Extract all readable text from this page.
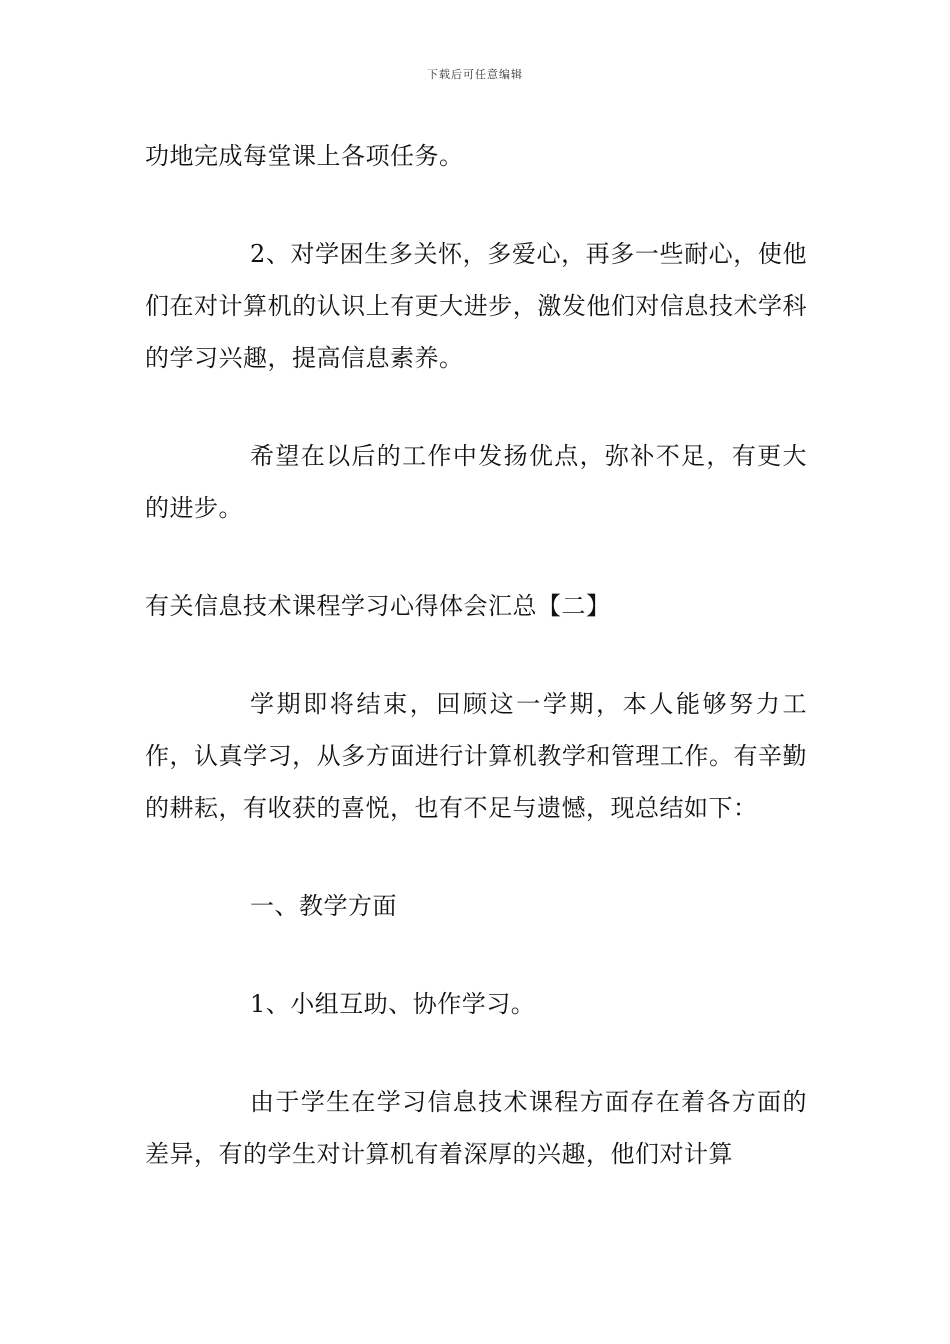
下载后可任意编辑

功地完成每堂课上各项任务。

2、对学困生多关怀，多爱心，再多一些耐心，使他们在对计算机的认识上有更大进步，激发他们对信息技术学科的学习兴趣，提高信息素养。

希望在以后的工作中发扬优点，弥补不足，有更大的进步。

有关信息技术课程学习心得体会汇总【二】

学期即将结束，回顾这一学期，本人能够努力工作，认真学习，从多方面进行计算机教学和管理工作。有辛勤的耕耘，有收获的喜悦，也有不足与遗憾，现总结如下：

一、教学方面

1、小组互助、协作学习。

由于学生在学习信息技术课程方面存在着各方面的差异，有的学生对计算机有着深厚的兴趣，他们对计算
